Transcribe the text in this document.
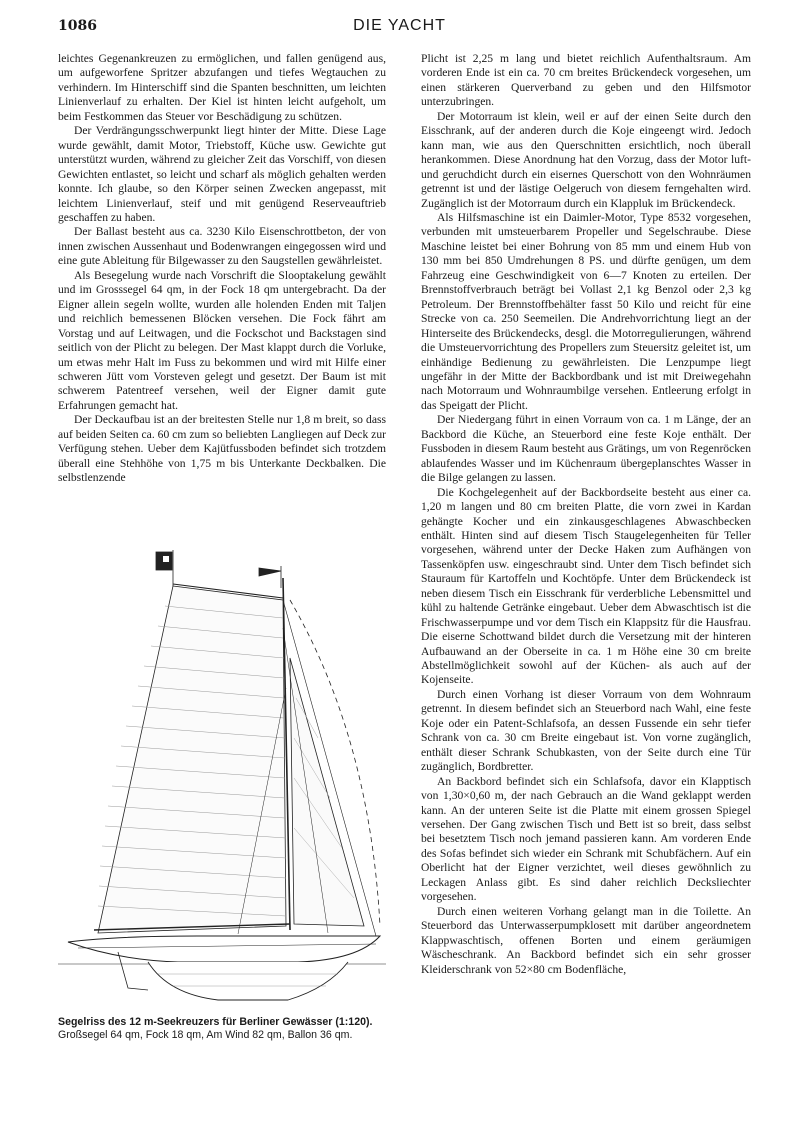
1086	DIE YACHT

leichtes Gegenankreuzen zu ermöglichen, und fallen genügend aus, um aufgeworfene Spritzer abzufangen und tiefes Wegtauchen zu verhindern. Im Hinterschiff sind die Spanten beschnitten, um leichten Linienverlauf zu erhalten. Der Kiel ist hinten leicht aufgeholt, um beim Festkommen das Steuer vor Beschädigung zu schützen.

Der Verdrängungsschwerpunkt liegt hinter der Mitte. Diese Lage wurde gewählt, damit Motor, Triebstoff, Küche usw. Gewichte gut unterstützt wurden, während zu gleicher Zeit das Vorschiff, von diesen Gewichten entlastet, so leicht und scharf als möglich gehalten werden konnte. Ich glaube, so den Körper seinen Zwecken angepasst, mit leichtem Linienverlauf, steif und mit genügend Reserveauftrieb geschaffen zu haben.

Der Ballast besteht aus ca. 3230 Kilo Eisenschrottbeton, der von innen zwischen Aussenhaut und Bodenwrangen eingegossen wird und eine gute Ableitung für Bilgewasser zu den Saugstellen gewährleistet.

Als Besegelung wurde nach Vorschrift die Slooptakelung gewählt und im Grosssegel 64 qm, in der Fock 18 qm untergebracht. Da der Eigner allein segeln wollte, wurden alle holenden Enden mit Taljen und reichlich bemessenen Blöcken versehen. Die Fock fährt am Vorstag und auf Leitwagen, und die Fockschot und Backstagen sind seitlich von der Plicht zu belegen. Der Mast klappt durch die Vorluke, um etwas mehr Halt im Fuss zu bekommen und wird mit Hilfe einer schweren Jütt vom Vorsteven gelegt und gesetzt. Der Baum ist mit schwerem Patentreef versehen, weil der Eigner damit gute Erfahrungen gemacht hat.

Der Deckaufbau ist an der breitesten Stelle nur 1,8 m breit, so dass auf beiden Seiten ca. 60 cm zum so beliebten Langliegen auf Deck zur Verfügung stehen. Ueber dem Kajütfussboden befindet sich trotzdem überall eine Stehhöhe von 1,75 m bis Unterkante Deckbalken. Die selbstlenzende

Segelriss des 12 m-Seekreuzers für Berliner Gewässer (1:120).
Großsegel 64 qm, Fock 18 qm, Am Wind 82 qm, Ballon 36 qm.

Plicht ist 2,25 m lang und bietet reichlich Aufenthaltsraum. Am vorderen Ende ist ein ca. 70 cm breites Brückendeck vorgesehen, um einen stärkeren Querverband zu geben und den Hilfsmotor unterzubringen.

Der Motorraum ist klein, weil er auf der einen Seite durch den Eisschrank, auf der anderen durch die Koje eingeengt wird. Jedoch kann man, wie aus den Querschnitten ersichtlich, noch überall herankommen. Diese Anordnung hat den Vorzug, dass der Motor luft- und geruchdicht durch ein eisernes Querschott von den Wohnräumen getrennt ist und der lästige Oelgeruch von diesem ferngehalten wird. Zugänglich ist der Motorraum durch ein Klappluk im Brückendeck.

Als Hilfsmaschine ist ein Daimler-Motor, Type 8532 vorgesehen, verbunden mit umsteuerbarem Propeller und Segelschraube. Diese Maschine leistet bei einer Bohrung von 85 mm und einem Hub von 130 mm bei 850 Umdrehungen 8 PS. und dürfte genügen, um dem Fahrzeug eine Geschwindigkeit von 6—7 Knoten zu erteilen. Der Brennstoffverbrauch beträgt bei Vollast 2,1 kg Benzol oder 2,3 kg Petroleum. Der Brennstoffbehälter fasst 50 Kilo und reicht für eine Strecke von ca. 250 Seemeilen. Die Andrehvorrichtung liegt an der Hinterseite des Brückendecks, desgl. die Motorregulierungen, während die Umsteuervorrichtung des Propellers zum Steuersitz geleitet ist, um einhändige Bedienung zu gewährleisten. Die Lenzpumpe liegt ungefähr in der Mitte der Backbordbank und ist mit Dreiwegehahn nach Motorraum und Wohnraumbilge versehen. Entleerung erfolgt in das Speigatt der Plicht.

Der Niedergang führt in einen Vorraum von ca. 1 m Länge, der an Backbord die Küche, an Steuerbord eine feste Koje enthält. Der Fussboden in diesem Raum besteht aus Grätings, um von Regenröcken ablaufendes Wasser und im Küchenraum übergeplanschtes Wasser in die Bilge gelangen zu lassen.

Die Kochgelegenheit auf der Backbordseite besteht aus einer ca. 1,20 m langen und 80 cm breiten Platte, die vorn zwei in Kardan gehängte Kocher und ein zinkausgeschlagenes Abwaschbecken enthält. Hinten sind auf diesem Tisch Staugelegenheiten für Teller vorgesehen, während unter der Decke Haken zum Aufhängen von Tassenköpfen usw. eingeschraubt sind. Unter dem Tisch befindet sich Stauraum für Kartoffeln und Kochtöpfe. Unter dem Brückendeck ist neben diesem Tisch ein Eisschrank für verderbliche Lebensmittel und kühl zu haltende Getränke eingebaut. Ueber dem Abwaschtisch ist die Frischwasserpumpe und vor dem Tisch ein Klappsitz für die Hausfrau. Die eiserne Schottwand bildet durch die Versetzung mit der hinteren Aufbauwand an der Oberseite in ca. 1 m Höhe eine 30 cm breite Abstellmöglichkeit sowohl auf der Küchen- als auch auf der Kojenseite.

Durch einen Vorhang ist dieser Vorraum von dem Wohnraum getrennt. In diesem befindet sich an Steuerbord nach Wahl, eine feste Koje oder ein Patent-Schlafsofa, an dessen Fussende ein sehr tiefer Schrank von ca. 30 cm Breite eingebaut ist. Von vorne zugänglich, enthält dieser Schrank Schubkasten, von der Seite durch eine Tür zugänglich, Bordbretter.

An Backbord befindet sich ein Schlafsofa, davor ein Klapptisch von 1,30×0,60 m, der nach Gebrauch an die Wand geklappt werden kann. An der unteren Seite ist die Platte mit einem grossen Spiegel versehen. Der Gang zwischen Tisch und Bett ist so breit, dass selbst bei besetztem Tisch noch jemand passieren kann. Am vorderen Ende des Sofas befindet sich wieder ein Schrank mit Schubfächern. Auf ein Oberlicht hat der Eigner verzichtet, weil dieses gewöhnlich zu Leckagen Anlass gibt. Es sind daher reichlich Decksliechter vorgesehen.

Durch einen weiteren Vorhang gelangt man in die Toilette. An Steuerbord das Unterwasserpumpklosett mit darüber angeordnetem Klappwaschtisch, offenen Borten und einem geräumigen Wäscheschrank. An Backbord befindet sich ein sehr grosser Kleiderschrank von 52×80 cm Bodenfläche,
